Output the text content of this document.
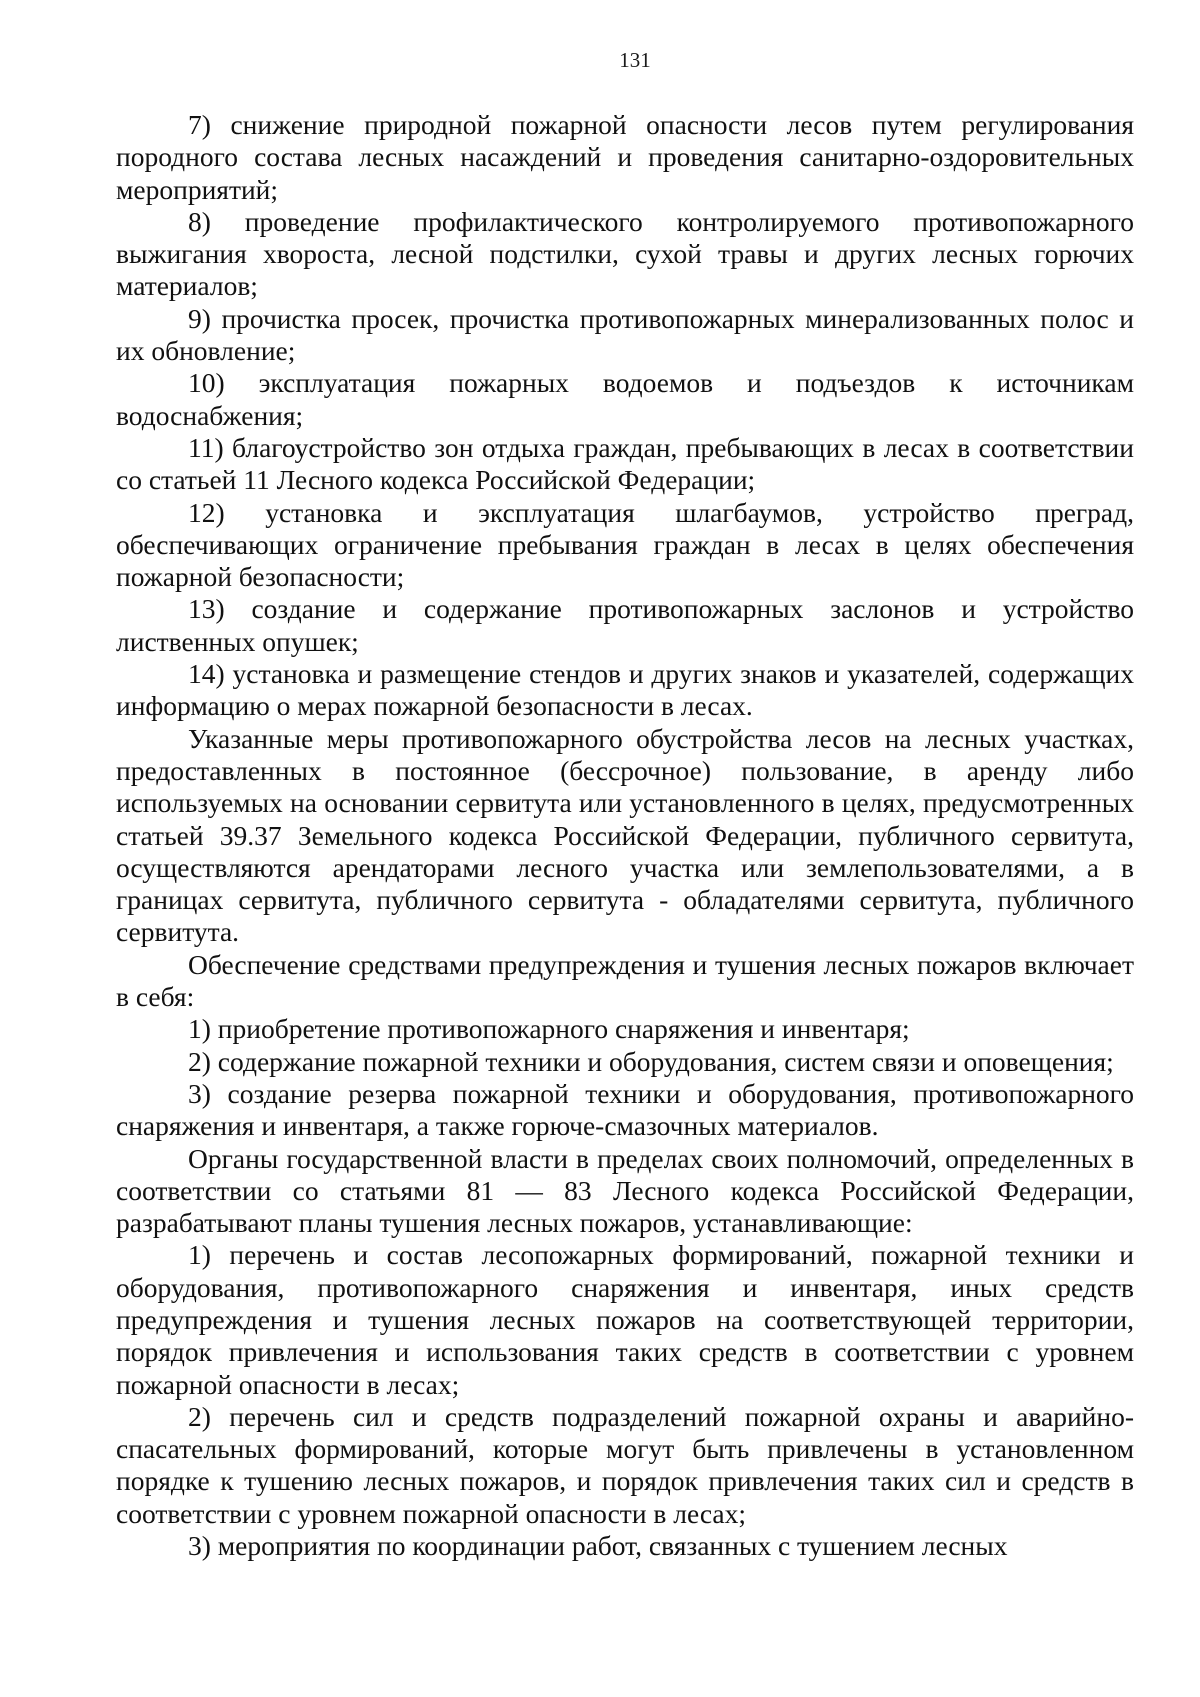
131

7) снижение природной пожарной опасности лесов путем регулирования породного состава лесных насаждений и проведения санитарно-оздоровительных мероприятий;

8) проведение профилактического контролируемого противопожарного выжигания хвороста, лесной подстилки, сухой травы и других лесных горючих материалов;

9) прочистка просек, прочистка противопожарных минерализованных полос и их обновление;

10) эксплуатация пожарных водоемов и подъездов к источникам водоснабжения;

11) благоустройство зон отдыха граждан, пребывающих в лесах в соответствии со статьей 11 Лесного кодекса Российской Федерации;

12) установка и эксплуатация шлагбаумов, устройство преград, обеспечивающих ограничение пребывания граждан в лесах в целях обеспечения пожарной безопасности;

13) создание и содержание противопожарных заслонов и устройство лиственных опушек;

14) установка и размещение стендов и других знаков и указателей, содержащих информацию о мерах пожарной безопасности в лесах.

Указанные меры противопожарного обустройства лесов на лесных участках, предоставленных в постоянное (бессрочное) пользование, в аренду либо используемых на основании сервитута или установленного в целях, предусмотренных статьей 39.37 Земельного кодекса Российской Федерации, публичного сервитута, осуществляются арендаторами лесного участка или землепользователями, а в границах сервитута, публичного сервитута - обладателями сервитута, публичного сервитута.

Обеспечение средствами предупреждения и тушения лесных пожаров включает в себя:

1) приобретение противопожарного снаряжения и инвентаря;

2) содержание пожарной техники и оборудования, систем связи и оповещения;

3) создание резерва пожарной техники и оборудования, противопожарного снаряжения и инвентаря, а также горюче-смазочных материалов.

Органы государственной власти в пределах своих полномочий, определенных в соответствии со статьями 81 — 83 Лесного кодекса Российской Федерации, разрабатывают планы тушения лесных пожаров, устанавливающие:

1) перечень и состав лесопожарных формирований, пожарной техники и оборудования, противопожарного снаряжения и инвентаря, иных средств предупреждения и тушения лесных пожаров на соответствующей территории, порядок привлечения и использования таких средств в соответствии с уровнем пожарной опасности в лесах;

2) перечень сил и средств подразделений пожарной охраны и аварийно-спасательных формирований, которые могут быть привлечены в установленном порядке к тушению лесных пожаров, и порядок привлечения таких сил и средств в соответствии с уровнем пожарной опасности в лесах;

3) мероприятия по координации работ, связанных с тушением лесных
